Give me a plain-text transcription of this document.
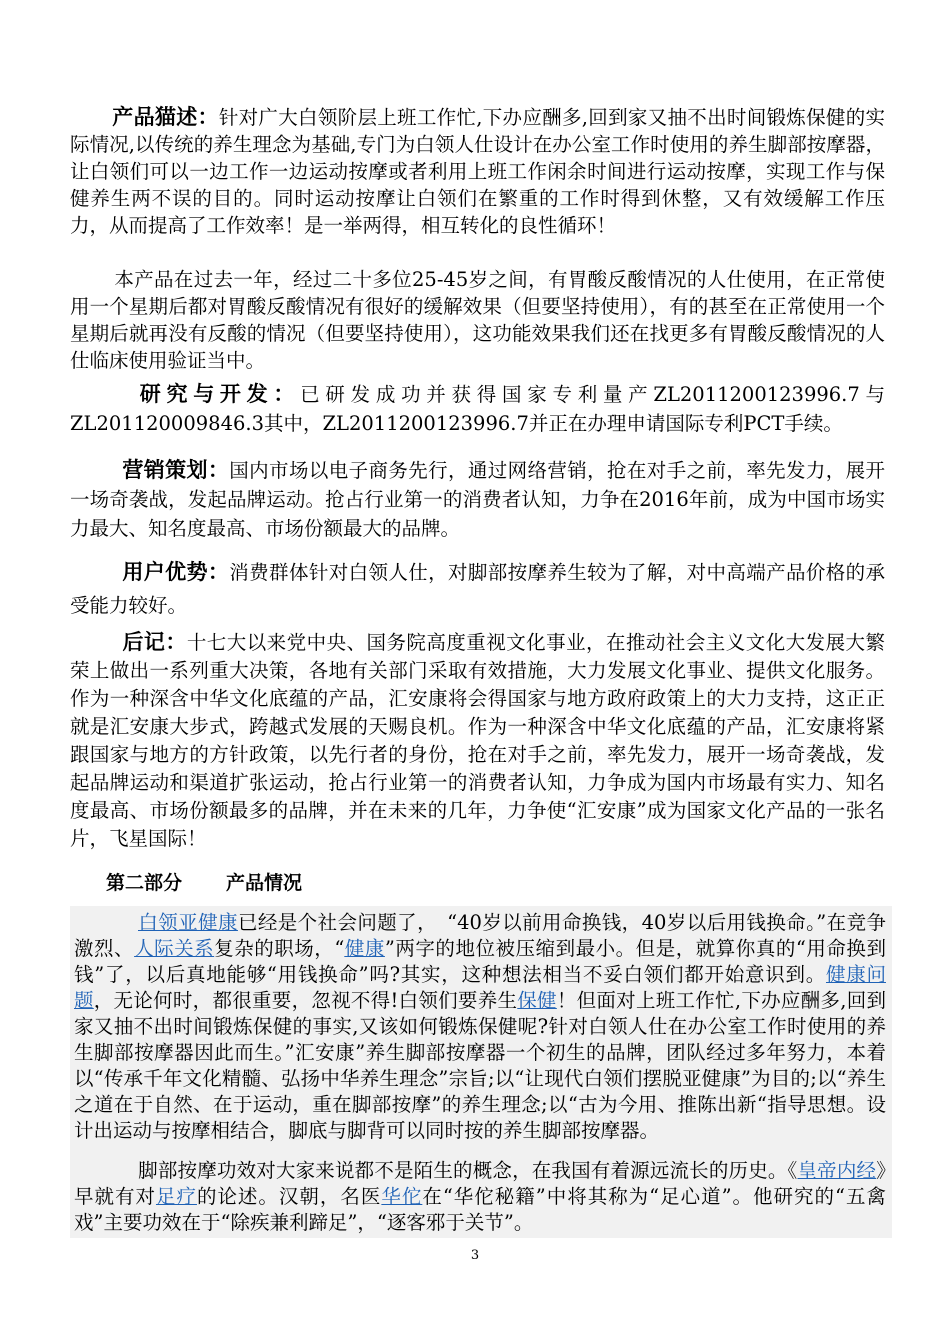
产品猫述：针对广大白领阶层上班工作忙,下办应酬多,回到家又抽不出时间锻炼保健的实际情况,以传统的养生理念为基础,专门为白领人仕设计在办公室工作时使用的养生脚部按摩器，让白领们可以一边工作一边运动按摩或者利用上班工作闲余时间进行运动按摩，实现工作与保健养生两不误的目的。同时运动按摩让白领们在繁重的工作时得到休整，又有效缓解工作压力，从而提高了工作效率！是一举两得，相互转化的良性循环！

本产品在过去一年，经过二十多位25-45岁之间，有胃酸反酸情况的人仕使用，在正常使用一个星期后都对胃酸反酸情况有很好的缓解效果（但要坚持使用），有的甚至在正常使用一个星期后就再没有反酸的情况（但要坚持使用），这功能效果我们还在找更多有胃酸反酸情况的人仕临床使用验证当中。

研究与开发：已研发成功并获得国家专利量产ZL2011200123996.7与ZL201120009846.3其中，ZL2011200123996.7并正在办理申请国际专利PCT手续。

营销策划：国内市场以电子商务先行，通过网络营销，抢在对手之前，率先发力，展开一场奇袭战，发起品牌运动。抢占行业第一的消费者认知，力争在2016年前，成为中国市场实力最大、知名度最高、市场份额最大的品牌。

用户优势：消费群体针对白领人仕，对脚部按摩养生较为了解，对中高端产品价格的承受能力较好。

后记：十七大以来党中央、国务院高度重视文化事业，在推动社会主义文化大发展大繁荣上做出一系列重大决策，各地有关部门采取有效措施，大力发展文化事业、提供文化服务。作为一种深含中华文化底蕴的产品，汇安康将会得国家与地方政府政策上的大力支持，这正正就是汇安康大步式，跨越式发展的天赐良机。作为一种深含中华文化底蕴的产品，汇安康将紧跟国家与地方的方针政策，以先行者的身份，抢在对手之前，率先发力，展开一场奇袭战，发起品牌运动和渠道扩张运动，抢占行业第一的消费者认知，力争成为国内市场最有实力、知名度最高、市场份额最多的品牌，并在未来的几年，力争使“汇安康”成为国家文化产品的一张名片，飞星国际！

第二部分 产品情况

白领亚健康已经是个社会问题了，　“40岁以前用命换钱，40岁以后用钱换命。”在竞争激烈、人际关系复杂的职场，“健康”两字的地位被压缩到最小。但是，就算你真的“用命换到钱”了，以后真地能够“用钱换命”吗?其实，这种想法相当不妥白领们都开始意识到。健康问题，无论何时，都很重要，忽视不得!白领们要养生保健！但面对上班工作忙,下办应酬多,回到家又抽不出时间锻炼保健的事实,又该如何锻炼保健呢?针对白领人仕在办公室工作时使用的养生脚部按摩器因此而生。”汇安康”养生脚部按摩器一个初生的品牌，团队经过多年努力，本着以“传承千年文化精髓、弘扬中华养生理念”宗旨;以“让现代白领们摆脱亚健康”为目的;以“养生之道在于自然、在于运动，重在脚部按摩”的养生理念;以“古为今用、推陈出新“指导思想。设计出运动与按摩相结合，脚底与脚背可以同时按的养生脚部按摩器。

脚部按摩功效对大家来说都不是陌生的概念，在我国有着源远流长的历史。《皇帝内经》早就有对足疗的论述。汉朝，名医华佗在“华佗秘籍”中将其称为“足心道”。他研究的“五禽戏”主要功效在于“除疾兼利蹄足”，“逐客邪于关节”。

3
